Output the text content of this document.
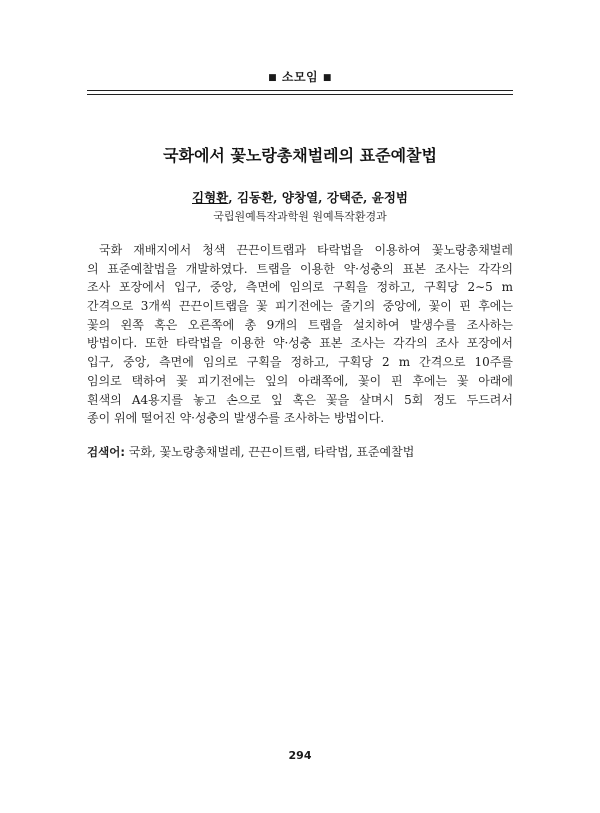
■ 소모임 ■
국화에서 꽃노랑총채벌레의 표준예찰법
김형환, 김동환, 양창열, 강택준, 윤정범
국립원예특작과학원 원예특작환경과
국화 재배지에서 청색 끈끈이트랩과 타락법을 이용하여 꽃노랑총채벌레
의 표준예찰법을 개발하였다. 트랩을 이용한 약·성충의 표본 조사는 각각의
조사 포장에서 입구, 중앙, 측면에 임의로 구획을 정하고, 구획당 2∼5 m
간격으로 3개씩 끈끈이트랩을 꽃 피기전에는 줄기의 중앙에, 꽃이 핀 후에는
꽃의 왼쪽 혹은 오른쪽에 총 9개의 트랩을 설치하여 발생수를 조사하는
방법이다. 또한 타락법을 이용한 약·성충 표본 조사는 각각의 조사 포장에서
입구, 중앙, 측면에 임의로 구획을 정하고, 구획당 2 m 간격으로 10주를
임의로 택하여 꽃 피기전에는 잎의 아래쪽에, 꽃이 핀 후에는 꽃 아래에
흰색의 A4용지를 놓고 손으로 잎 혹은 꽃을 살며시 5회 정도 두드려서
종이 위에 떨어진 약·성충의 발생수를 조사하는 방법이다.
검색어: 국화, 꽃노랑총채벌레, 끈끈이트랩, 타락법, 표준예찰법
294
